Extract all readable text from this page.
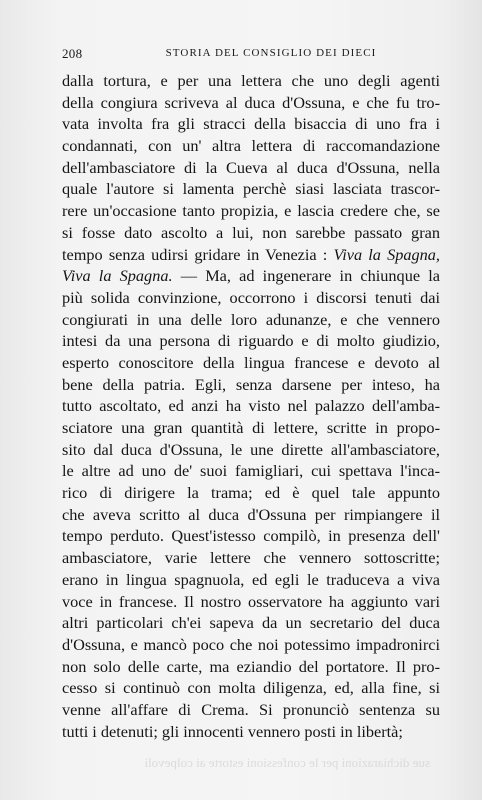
208	STORIA DEL CONSIGLIO DEI DIECI
dalla tortura, e per una lettera che uno degli agenti
della congiura scriveva al duca d'Ossuna, e che fu tro-
vata involta fra gli stracci della bisaccia di uno fra i
condannati, con un' altra lettera di raccomandazione
dell'ambasciatore di la Cueva al duca d'Ossuna, nella
quale l'autore si lamenta perchè siasi lasciata trascor-
rere un'occasione tanto propizia, e lascia credere che, se
si fosse dato ascolto a lui, non sarebbe passato gran
tempo senza udirsi gridare in Venezia : Viva la Spagna,
Viva la Spagna. — Ma, ad ingenerare in chiunque la
più solida convinzione, occorrono i discorsi tenuti dai
congiurati in una delle loro adunanze, e che vennero
intesi da una persona di riguardo e di molto giudizio,
esperto conoscitore della lingua francese e devoto al
bene della patria. Egli, senza darsene per inteso, ha
tutto ascoltato, ed anzi ha visto nel palazzo dell'amba-
sciatore una gran quantità di lettere, scritte in propo-
sito dal duca d'Ossuna, le une dirette all'ambasciatore,
le altre ad uno de' suoi famigliari, cui spettava l'inca-
rico di dirigere la trama; ed è quel tale appunto
che aveva scritto al duca d'Ossuna per rimpiangere il
tempo perduto. Quest'istesso compilò, in presenza dell'
ambasciatore, varie lettere che vennero sottoscritte;
erano in lingua spagnuola, ed egli le traduceva a viva
voce in francese. Il nostro osservatore ha aggiunto vari
altri particolari ch'ei sapeva da un secretario del duca
d'Ossuna, e mancò poco che noi potessimo impadronirci
non solo delle carte, ma eziandio del portatore. Il pro-
cesso si continuò con molta diligenza, ed, alla fine, si
venne all'affare di Crema. Si pronunciò sentenza su
tutti i detenuti; gli innocenti vennero posti in libertà;
sue dichiarazioni per le confessioni estorte ai colpevoli
